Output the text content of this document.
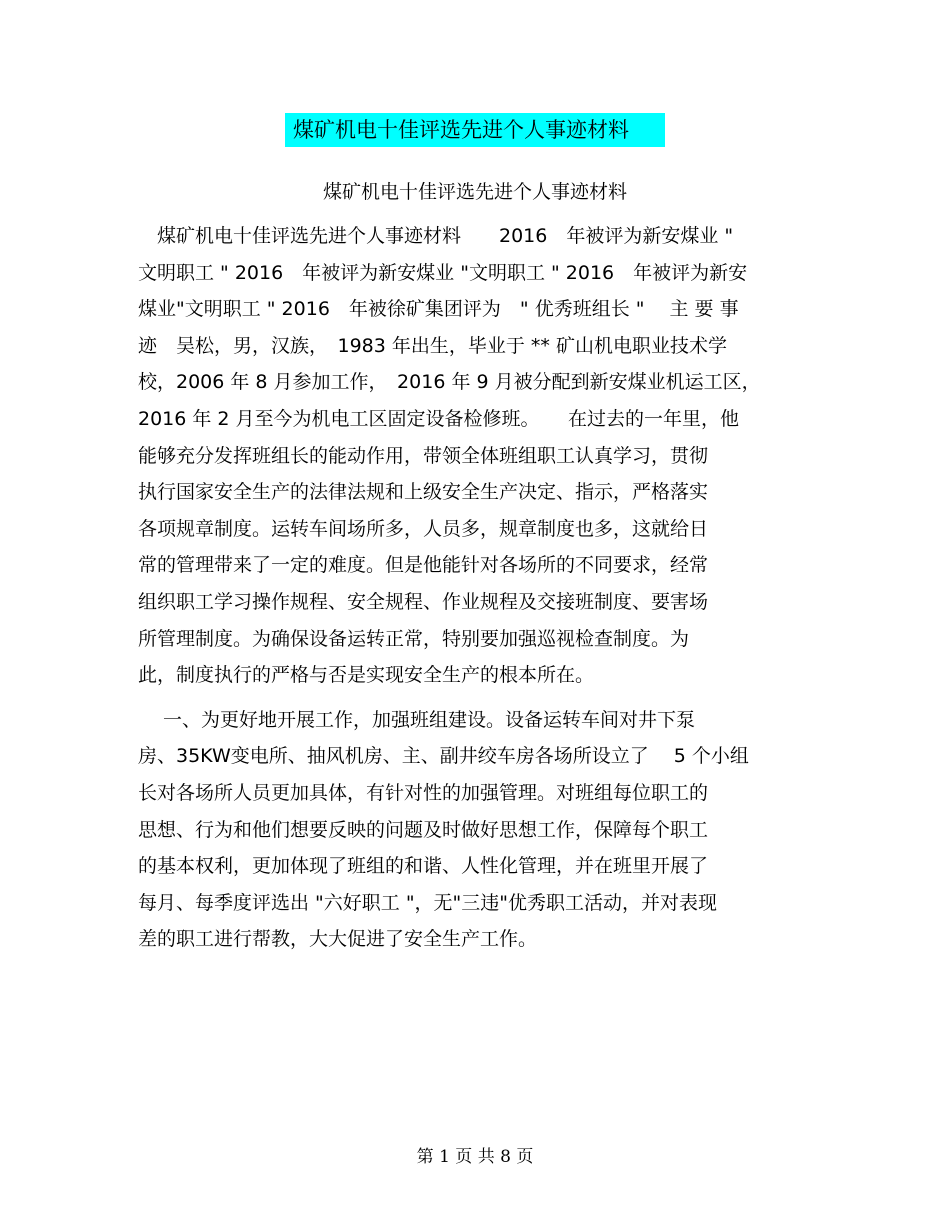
煤矿机电十佳评选先进个人事迹材料
煤矿机电十佳评选先进个人事迹材料
　煤矿机电十佳评选先进个人事迹材料　　2016　年被评为新安煤业 "
文明职工 " 2016　年被评为新安煤业 "文明职工 " 2016　年被评为新安
煤业"文明职工 " 2016　年被徐矿集团评为　" 优秀班组长 "　 主 要 事
迹　吴松，男，汉族，　1983 年出生，毕业于 ** 矿山机电职业技术学
校，2006 年 8 月参加工作，　2016 年 9 月被分配到新安煤业机运工区，
2016 年 2 月至今为机电工区固定设备检修班。　　在过去的一年里，他
能够充分发挥班组长的能动作用，带领全体班组职工认真学习，贯彻
执行国家安全生产的法律法规和上级安全生产决定、指示，严格落实
各项规章制度。运转车间场所多，人员多，规章制度也多，这就给日
常的管理带来了一定的难度。但是他能针对各场所的不同要求，经常
组织职工学习操作规程、安全规程、作业规程及交接班制度、要害场
所管理制度。为确保设备运转正常，特别要加强巡视检查制度。为
此，制度执行的严格与否是实现安全生产的根本所在。
　 一、为更好地开展工作，加强班组建设。设备运转车间对井下泵
房、35KW变电所、抽风机房、主、副井绞车房各场所设立了　 5 个小组
长对各场所人员更加具体，有针对性的加强管理。对班组每位职工的
思想、行为和他们想要反映的问题及时做好思想工作，保障每个职工
的基本权利，更加体现了班组的和谐、人性化管理，并在班里开展了
每月、每季度评选出 "六好职工 "，无"三违"优秀职工活动，并对表现
差的职工进行帮教，大大促进了安全生产工作。
第 1 页 共 8 页
